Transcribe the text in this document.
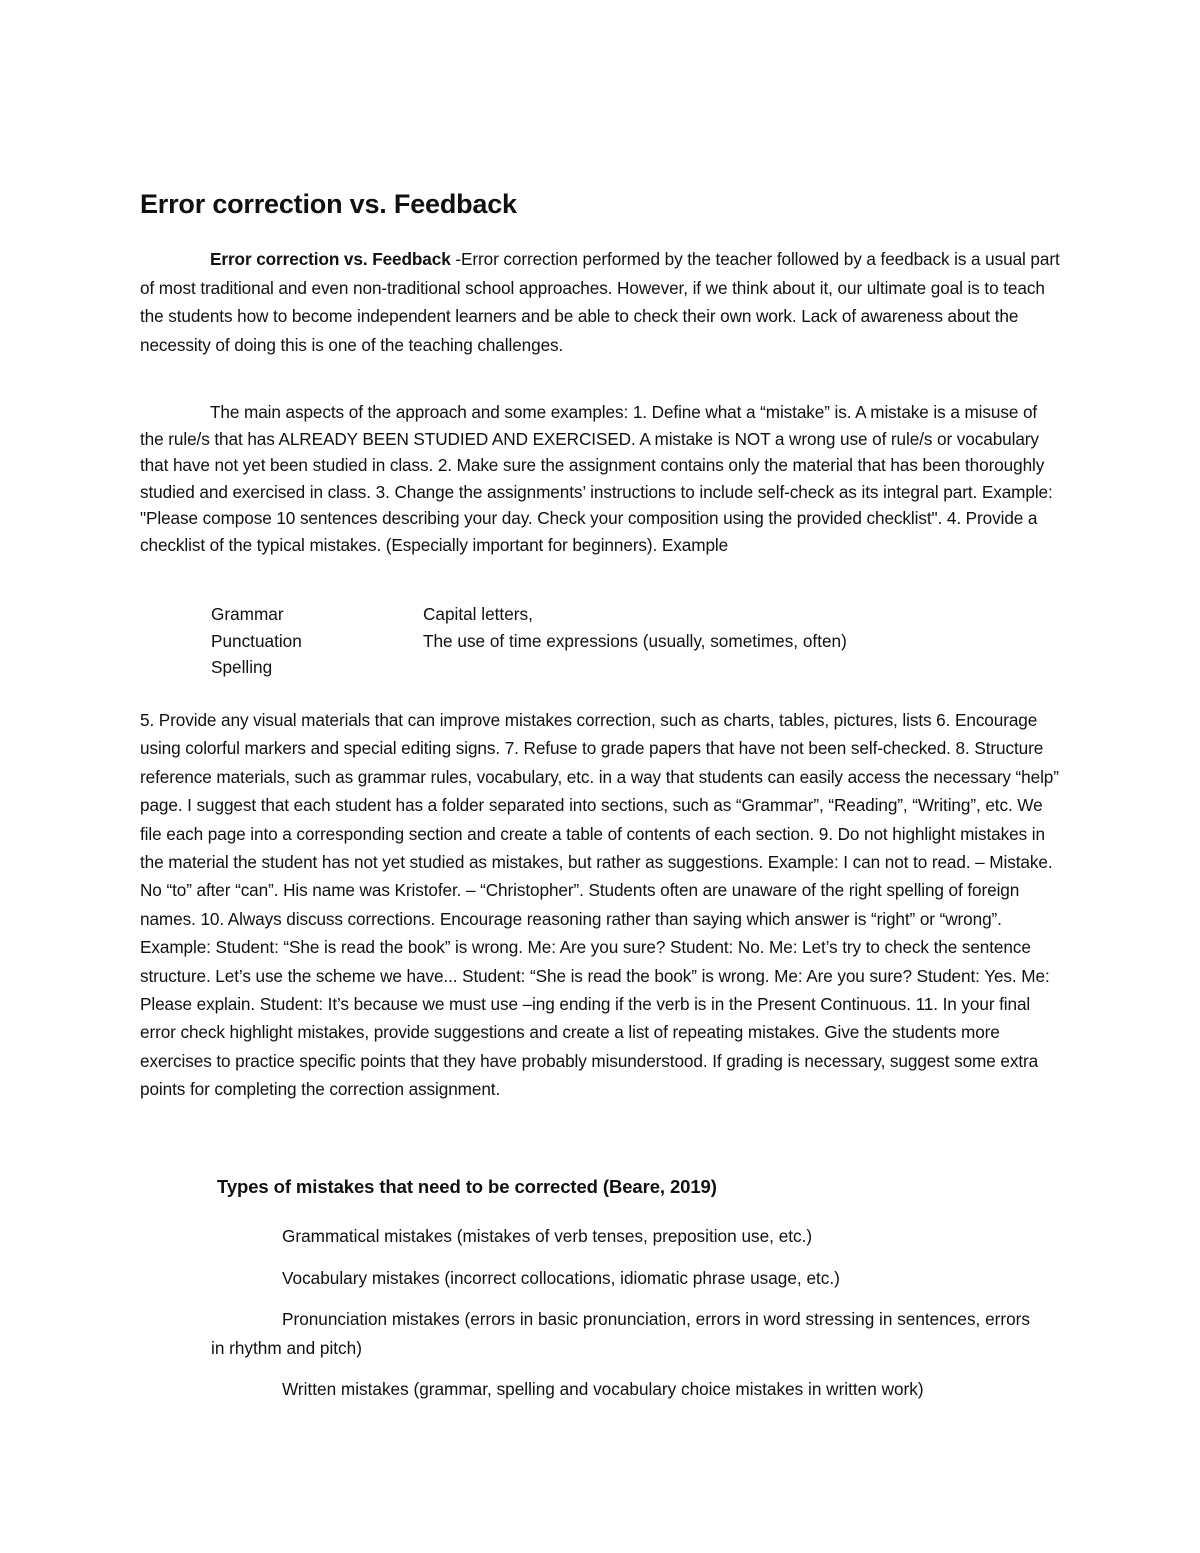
Error correction vs. Feedback

Error correction vs. Feedback -Error correction performed by the teacher followed by a feedback is a usual part of most traditional and even non-traditional school approaches. However, if we think about it, our ultimate goal is to teach the students how to become independent learners and be able to check their own work. Lack of awareness about the necessity of doing this is one of the teaching challenges.

The main aspects of the approach and some examples: 1. Define what a “mistake” is. A mistake is a misuse of the rule/s that has ALREADY BEEN STUDIED AND EXERCISED. A mistake is NOT a wrong use of rule/s or vocabulary that have not yet been studied in class. 2. Make sure the assignment contains only the material that has been thoroughly studied and exercised in class. 3. Change the assignments’ instructions to include self-check as its integral part. Example: "Please compose 10 sentences describing your day. Check your composition using the provided checklist". 4. Provide a checklist of the typical mistakes. (Especially important for beginners). Example

Grammar	Capital letters,
Punctuation	The use of time expressions (usually, sometimes, often)
Spelling

5. Provide any visual materials that can improve mistakes correction, such as charts, tables, pictures, lists 6. Encourage using colorful markers and special editing signs. 7. Refuse to grade papers that have not been self-checked. 8. Structure reference materials, such as grammar rules, vocabulary, etc. in a way that students can easily access the necessary “help” page. I suggest that each student has a folder separated into sections, such as “Grammar”, “Reading”, “Writing”, etc. We file each page into a corresponding section and create a table of contents of each section. 9. Do not highlight mistakes in the material the student has not yet studied as mistakes, but rather as suggestions. Example: I can not to read. – Mistake. No “to” after “can”. His name was Kristofer. – “Christopher”. Students often are unaware of the right spelling of foreign names. 10. Always discuss corrections. Encourage reasoning rather than saying which answer is “right” or “wrong”. Example: Student: “She is read the book” is wrong. Me: Are you sure? Student: No. Me: Let’s try to check the sentence structure. Let’s use the scheme we have... Student: “She is read the book” is wrong. Me: Are you sure? Student: Yes. Me: Please explain. Student: It’s because we must use –ing ending if the verb is in the Present Continuous. 11. In your final error check highlight mistakes, provide suggestions and create a list of repeating mistakes. Give the students more exercises to practice specific points that they have probably misunderstood. If grading is necessary, suggest some extra points for completing the correction assignment.

Types of mistakes that need to be corrected (Beare, 2019)

Grammatical mistakes (mistakes of verb tenses, preposition use, etc.)

Vocabulary mistakes (incorrect collocations, idiomatic phrase usage, etc.)

Pronunciation mistakes (errors in basic pronunciation, errors in word stressing in sentences, errors in rhythm and pitch)

Written mistakes (grammar, spelling and vocabulary choice mistakes in written work)
